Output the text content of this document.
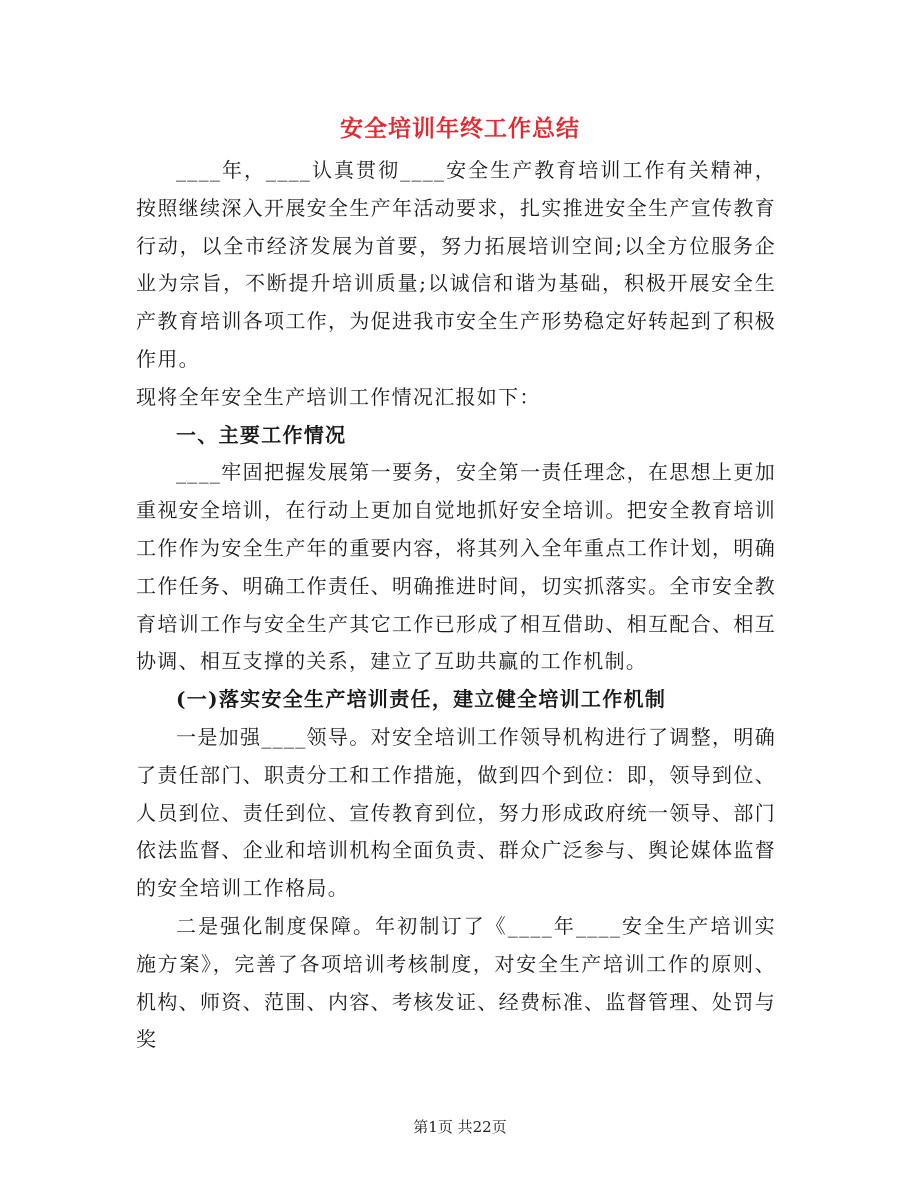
安全培训年终工作总结

____年，____认真贯彻____安全生产教育培训工作有关精神，按照继续深入开展安全生产年活动要求，扎实推进安全生产宣传教育行动，以全市经济发展为首要，努力拓展培训空间;以全方位服务企业为宗旨，不断提升培训质量;以诚信和谐为基础，积极开展安全生产教育培训各项工作，为促进我市安全生产形势稳定好转起到了积极作用。

现将全年安全生产培训工作情况汇报如下：

一、主要工作情况

____牢固把握发展第一要务，安全第一责任理念，在思想上更加重视安全培训，在行动上更加自觉地抓好安全培训。把安全教育培训工作作为安全生产年的重要内容，将其列入全年重点工作计划，明确工作任务、明确工作责任、明确推进时间，切实抓落实。全市安全教育培训工作与安全生产其它工作已形成了相互借助、相互配合、相互协调、相互支撑的关系，建立了互助共赢的工作机制。

(一)落实安全生产培训责任，建立健全培训工作机制

一是加强____领导。对安全培训工作领导机构进行了调整，明确了责任部门、职责分工和工作措施，做到四个到位：即，领导到位、人员到位、责任到位、宣传教育到位，努力形成政府统一领导、部门依法监督、企业和培训机构全面负责、群众广泛参与、舆论媒体监督的安全培训工作格局。

二是强化制度保障。年初制订了《____年____安全生产培训实施方案》，完善了各项培训考核制度，对安全生产培训工作的原则、机构、师资、范围、内容、考核发证、经费标准、监督管理、处罚与奖

第1页 共22页
